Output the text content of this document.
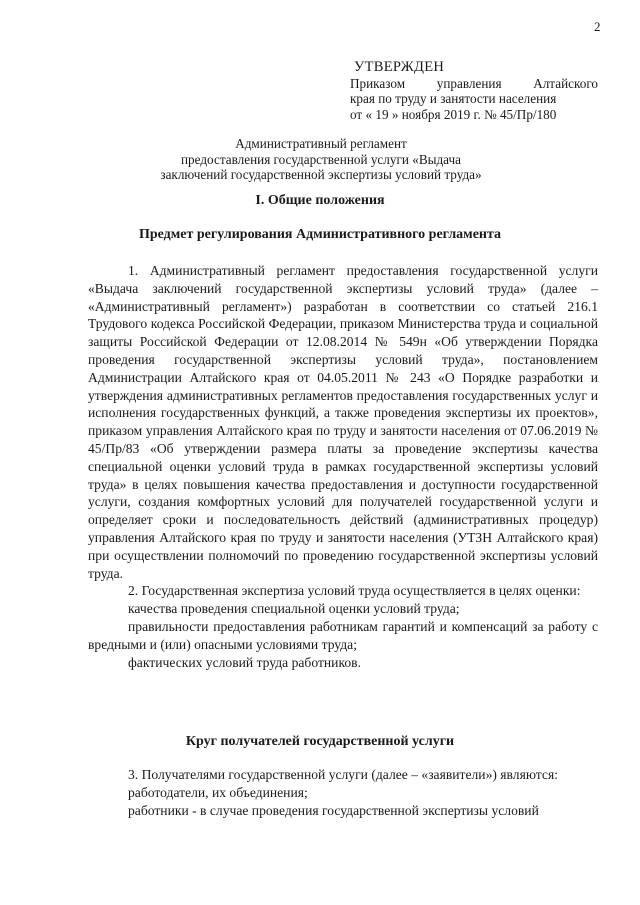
2
УТВЕРЖДЕН
Приказом управления Алтайского
края по труду и занятости населения
от « 19 » ноября 2019 г. № 45/Пр/180
Административный регламент
предоставления государственной услуги «Выдача
заключений государственной экспертизы условий труда»
I. Общие положения
Предмет регулирования Административного регламента

1. Административный регламент предоставления государственной услуги «Выдача заключений государственной экспертизы условий труда» (далее – «Административный регламент») разработан в соответствии со статьей 216.1 Трудового кодекса Российской Федерации, приказом Министерства труда и социальной защиты Российской Федерации от 12.08.2014 № 549н «Об утверждении Порядка проведения государственной экспертизы условий труда», постановлением Администрации Алтайского края от 04.05.2011 № 243 «О Порядке разработки и утверждения административных регламентов предоставления государственных услуг и исполнения государственных функций, а также проведения экспертизы их проектов», приказом управления Алтайского края по труду и занятости населения от 07.06.2019 № 45/Пр/83 «Об утверждении размера платы за проведение экспертизы качества специальной оценки условий труда в рамках государственной экспертизы условий труда» в целях повышения качества предоставления и доступности государственной услуги, создания комфортных условий для получателей государственной услуги и определяет сроки и последовательность действий (административных процедур) управления Алтайского края по труду и занятости населения (УТЗН Алтайского края) при осуществлении полномочий по проведению государственной экспертизы условий труда.

2. Государственная экспертиза условий труда осуществляется в целях оценки:

качества проведения специальной оценки условий труда;

правильности предоставления работникам гарантий и компенсаций за работу с вредными и (или) опасными условиями труда;

фактических условий труда работников.

Круг получателей государственной услуги

3. Получателями государственной услуги (далее – «заявители») являются:

работодатели, их объединения;

работники - в случае проведения государственной экспертизы условий
